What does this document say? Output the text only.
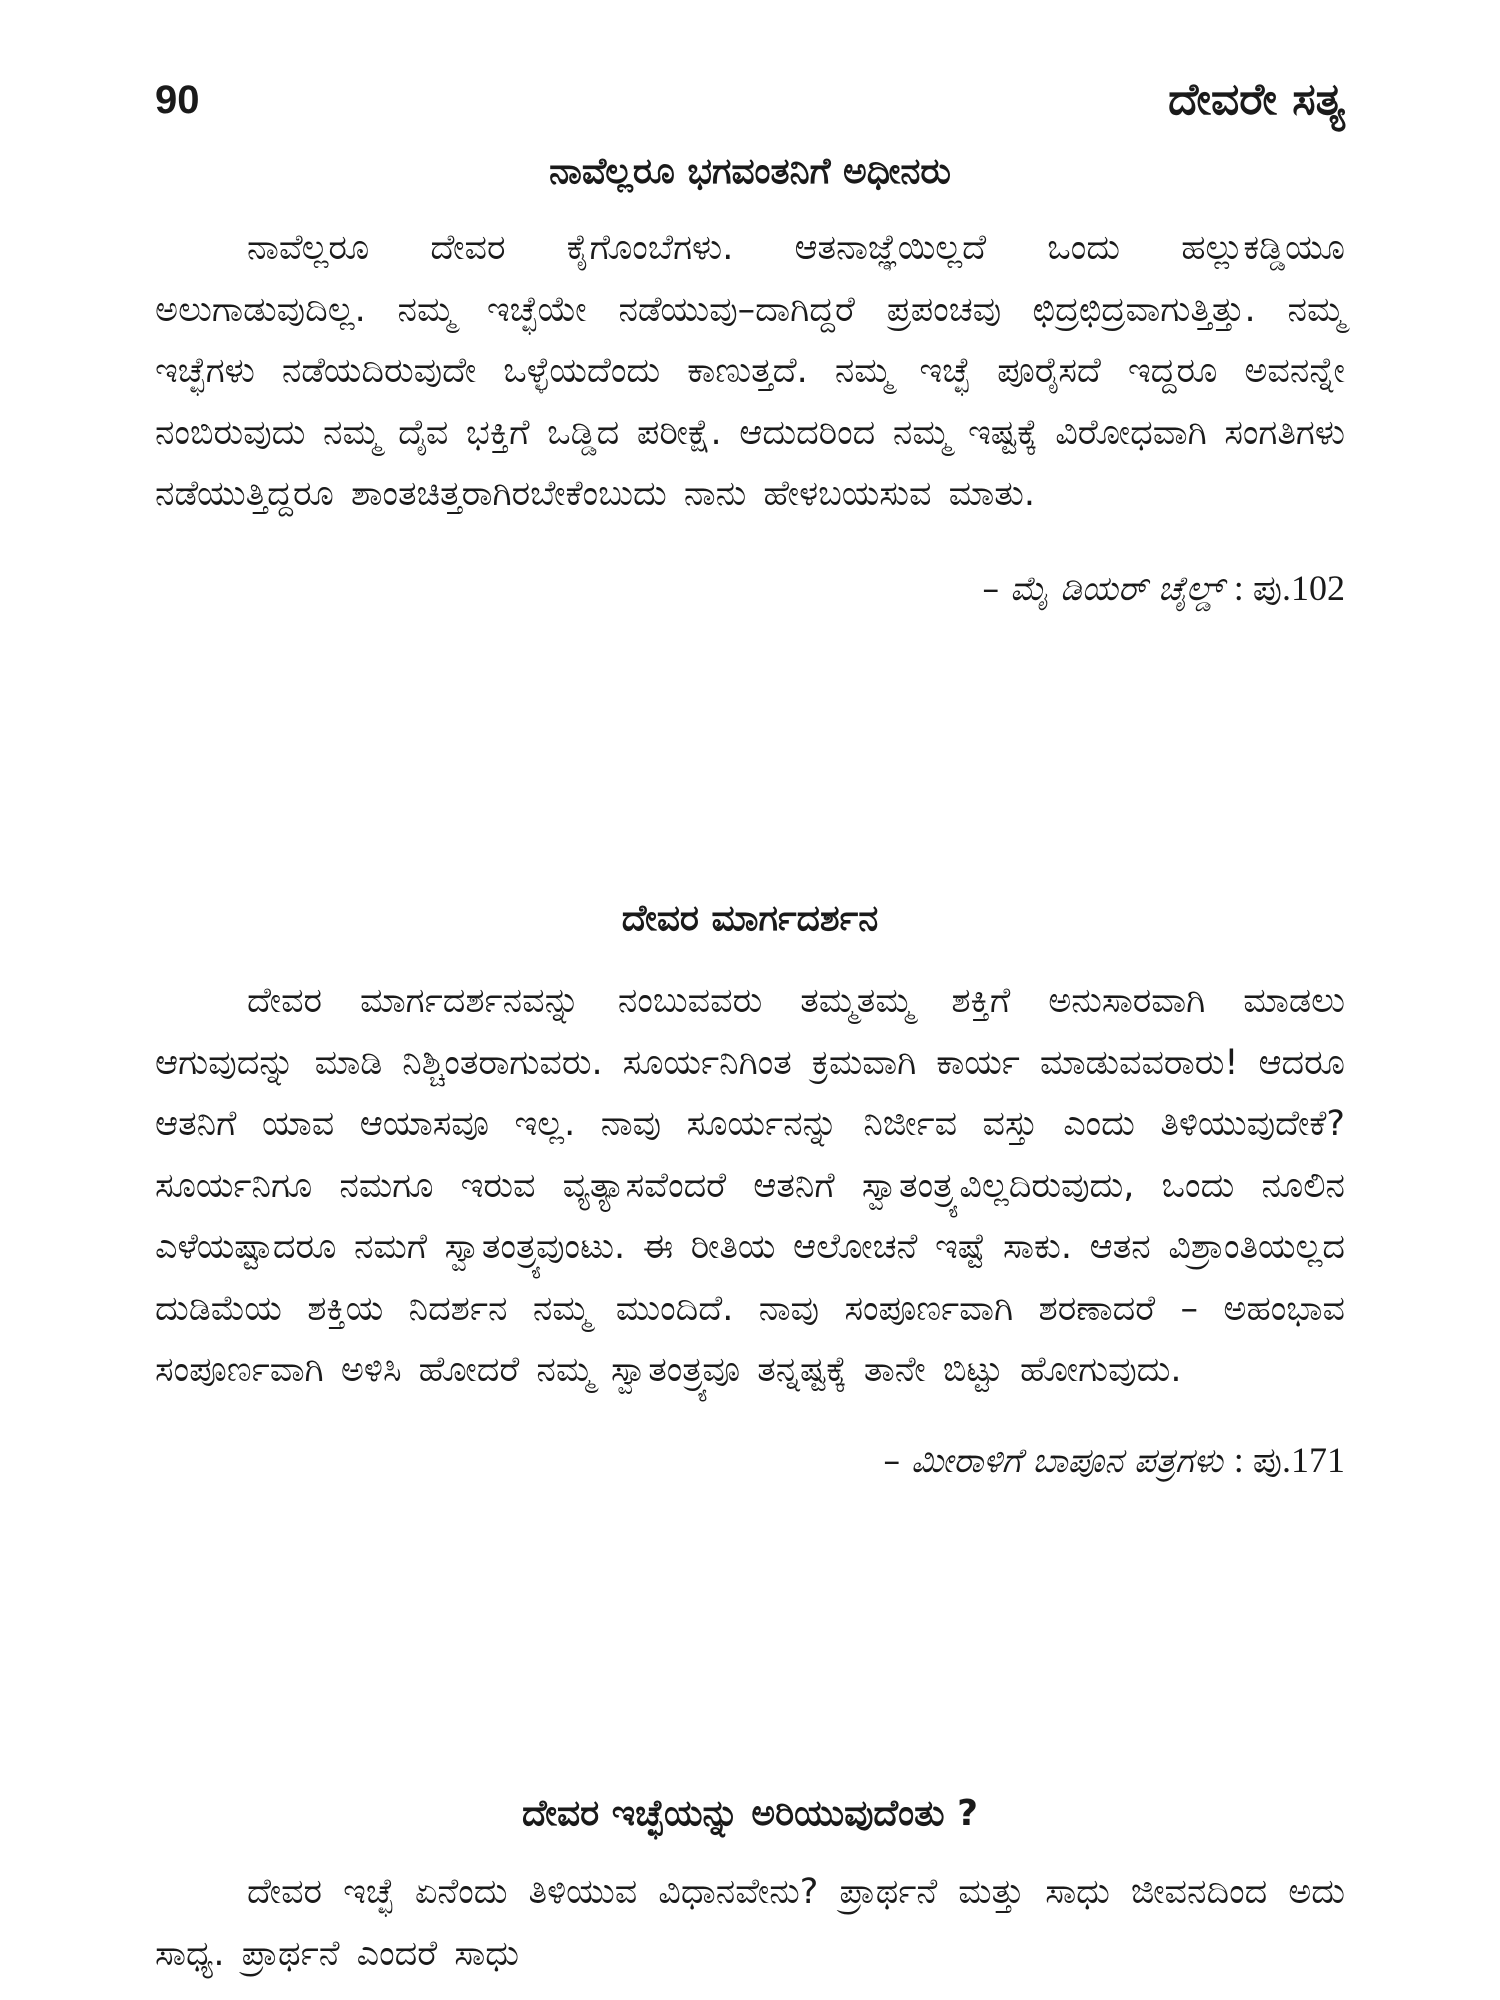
90	ದೇವರೇ ಸತ್ಯ
ನಾವೆಲ್ಲರೂ ಭಗವಂತನಿಗೆ ಅಧೀನರು

ನಾವೆಲ್ಲರೂ ದೇವರ ಕೈಗೊಂಬೆಗಳು. ಆತನಾಜ್ಞೆಯಿಲ್ಲದೆ ಒಂದು ಹಲ್ಲುಕಡ್ಡಿಯೂ ಅಲುಗಾಡುವುದಿಲ್ಲ. ನಮ್ಮ ಇಚ್ಛೆಯೇ ನಡೆಯುವು–ದಾಗಿದ್ದರೆ ಪ್ರಪಂಚವು ಛಿದ್ರಛಿದ್ರವಾಗುತ್ತಿತ್ತು. ನಮ್ಮ ಇಚ್ಛೆಗಳು ನಡೆಯದಿರುವುದೇ ಒಳ್ಳೆಯದೆಂದು ಕಾಣುತ್ತದೆ. ನಮ್ಮ ಇಚ್ಛೆ ಪೂರೈಸದೆ ಇದ್ದರೂ ಅವನನ್ನೇ ನಂಬಿರುವುದು ನಮ್ಮ ದೈವ ಭಕ್ತಿಗೆ ಒಡ್ಡಿದ ಪರೀಕ್ಷೆ. ಆದುದರಿಂದ ನಮ್ಮ ಇಷ್ಟಕ್ಕೆ ವಿರೋಧವಾಗಿ ಸಂಗತಿಗಳು ನಡೆಯುತ್ತಿದ್ದರೂ ಶಾಂತಚಿತ್ತರಾಗಿರಬೇಕೆಂಬುದು ನಾನು ಹೇಳಬಯಸುವ ಮಾತು.

– ಮೈ ಡಿಯರ್ ಚೈಲ್ಡ್ : ಪು.102

ದೇವರ ಮಾರ್ಗದರ್ಶನ

ದೇವರ ಮಾರ್ಗದರ್ಶನವನ್ನು ನಂಬುವವರು ತಮ್ಮತಮ್ಮ ಶಕ್ತಿಗೆ ಅನುಸಾರವಾಗಿ ಮಾಡಲು ಆಗುವುದನ್ನು ಮಾಡಿ ನಿಶ್ಚಿಂತರಾಗುವರು. ಸೂರ್ಯನಿಗಿಂತ ಕ್ರಮವಾಗಿ ಕಾರ್ಯ ಮಾಡುವವರಾರು! ಆದರೂ ಆತನಿಗೆ ಯಾವ ಆಯಾಸವೂ ಇಲ್ಲ. ನಾವು ಸೂರ್ಯನನ್ನು ನಿರ್ಜೀವ ವಸ್ತು ಎಂದು ತಿಳಿಯುವುದೇಕೆ? ಸೂರ್ಯನಿಗೂ ನಮಗೂ ಇರುವ ವ್ಯತ್ಯಾಸವೆಂದರೆ ಆತನಿಗೆ ಸ್ವಾತಂತ್ರ್ಯವಿಲ್ಲದಿರುವುದು, ಒಂದು ನೂಲಿನ ಎಳೆಯಷ್ಟಾದರೂ ನಮಗೆ ಸ್ವಾತಂತ್ರ್ಯವುಂಟು. ಈ ರೀತಿಯ ಆಲೋಚನೆ ಇಷ್ಟೆ ಸಾಕು. ಆತನ ವಿಶ್ರಾಂತಿಯಲ್ಲದ ದುಡಿಮೆಯ ಶಕ್ತಿಯ ನಿದರ್ಶನ ನಮ್ಮ ಮುಂದಿದೆ. ನಾವು ಸಂಪೂರ್ಣವಾಗಿ ಶರಣಾದರೆ – ಅಹಂಭಾವ ಸಂಪೂರ್ಣವಾಗಿ ಅಳಿಸಿ ಹೋದರೆ ನಮ್ಮ ಸ್ವಾತಂತ್ರ್ಯವೂ ತನ್ನಷ್ಟಕ್ಕೆ ತಾನೇ ಬಿಟ್ಟು ಹೋಗುವುದು.

– ಮೀರಾಳಿಗೆ ಬಾಪೂನ ಪತ್ರಗಳು : ಪು.171

ದೇವರ ಇಚ್ಛೆಯನ್ನು ಅರಿಯುವುದೆಂತು ?

ದೇವರ ಇಚ್ಛೆ ಏನೆಂದು ತಿಳಿಯುವ ವಿಧಾನವೇನು? ಪ್ರಾರ್ಥನೆ ಮತ್ತು ಸಾಧು ಜೀವನದಿಂದ ಅದು ಸಾಧ್ಯ. ಪ್ರಾರ್ಥನೆ ಎಂದರೆ ಸಾಧು
